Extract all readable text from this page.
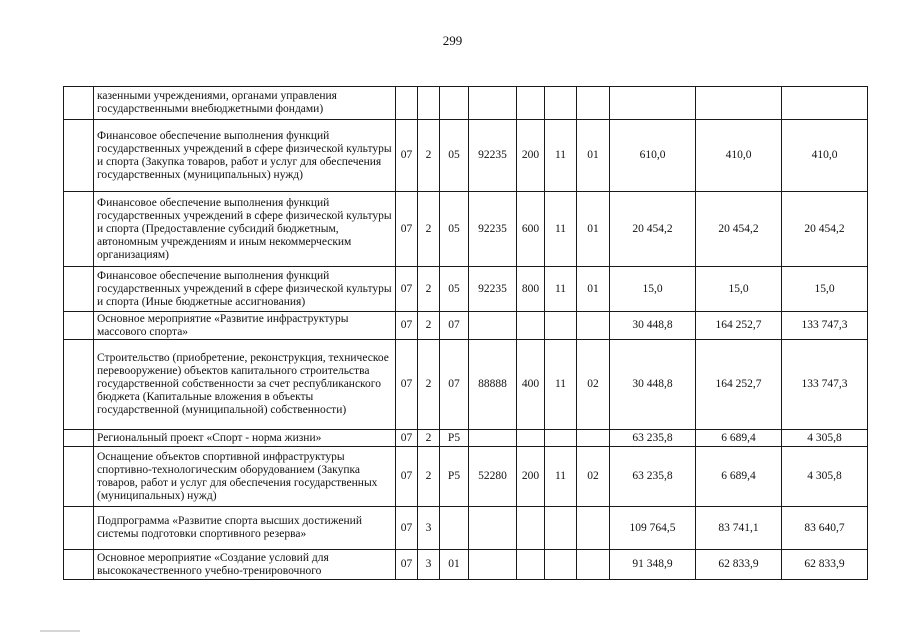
299
	казенными учреждениями, органами управления государственными внебюджетными фондами)										
	Финансовое обеспечение выполнения функций государственных учреждений в сфере физической культуры и спорта (Закупка товаров, работ и услуг для обеспечения государственных (муниципальных) нужд)	07	2	05	92235	200	11	01	610,0	410,0	410,0
	Финансовое обеспечение выполнения функций государственных учреждений в сфере физической культуры и спорта (Предоставление субсидий бюджетным, автономным учреждениям и иным некоммерческим организациям)	07	2	05	92235	600	11	01	20 454,2	20 454,2	20 454,2
	Финансовое обеспечение выполнения функций государственных учреждений в сфере физической культуры и спорта (Иные бюджетные ассигнования)	07	2	05	92235	800	11	01	15,0	15,0	15,0
	Основное мероприятие «Развитие инфраструктуры массового спорта»	07	2	07					30 448,8	164 252,7	133 747,3
	Строительство (приобретение, реконструкция, техническое перевооружение) объектов капитального строительства государственной собственности за счет республиканского бюджета (Капитальные вложения в объекты государственной (муниципальной) собственности)	07	2	07	88888	400	11	02	30 448,8	164 252,7	133 747,3
	Региональный проект «Спорт - норма жизни»	07	2	P5					63 235,8	6 689,4	4 305,8
	Оснащение объектов спортивной инфраструктуры спортивно-технологическим оборудованием (Закупка товаров, работ и услуг для обеспечения государственных (муниципальных) нужд)	07	2	P5	52280	200	11	02	63 235,8	6 689,4	4 305,8
	Подпрограмма «Развитие спорта высших достижений системы подготовки спортивного резерва»	07	3						109 764,5	83 741,1	83 640,7
	Основное мероприятие «Создание условий для высококачественного учебно-тренировочного	07	3	01					91 348,9	62 833,9	62 833,9
